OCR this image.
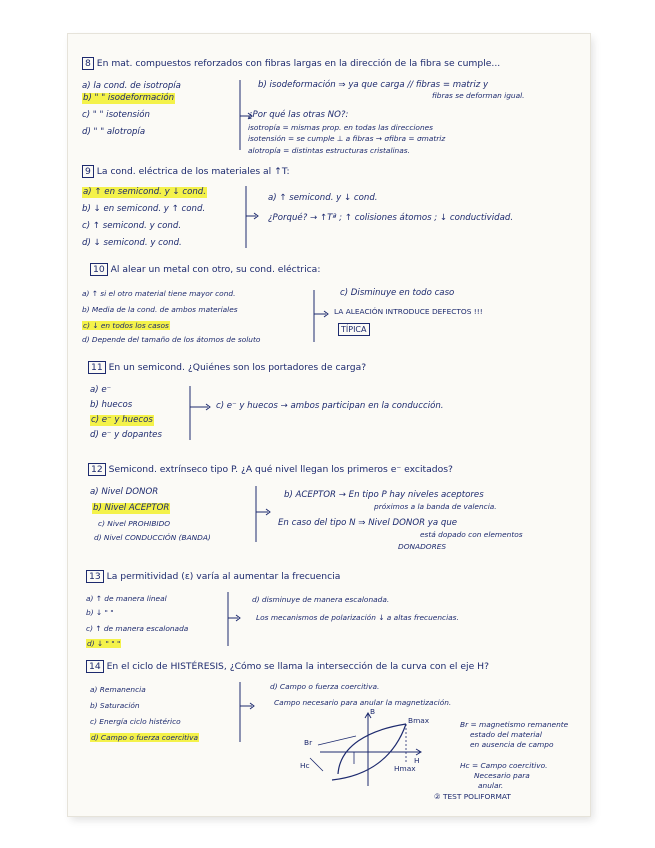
8 En mat. compuestos reforzados con fibras largas en la dirección de la fibra se cumple...
a) la cond. de isotropía
b) " " isodeformación
c) " " isotensión
d) " " alotropía
b) isodeformación ⇒ ya que carga // fibras = matriz y
fibras se deforman igual.
¿Por qué las otras NO?:
isotropía = mismas prop. en todas las direcciones
isotensión = se cumple ⊥ a fibras → σfibra = σmatriz
alotropía = distintas estructuras cristalinas.
9 La cond. eléctrica de los materiales al ↑T:
a) ↑ en semicond. y ↓ cond.
b) ↓ en semicond. y ↑ cond.
c) ↑ semicond. y cond.
d) ↓ semicond. y cond.
a) ↑ semicond. y ↓ cond.
¿Porqué? → ↑Tª ; ↑ colisiones átomos ; ↓ conductividad.
10 Al alear un metal con otro, su cond. eléctrica:
a) ↑ si el otro material tiene mayor cond.
b) Media de la cond. de ambos materiales
c) ↓ en todos los casos
d) Depende del tamaño de los átomos de soluto
c) Disminuye en todo caso
LA ALEACIÓN INTRODUCE DEFECTOS !!!
TÍPICA
11 En un semicond. ¿Quiénes son los portadores de carga?
a) e⁻
b) huecos
c) e⁻ y huecos
d) e⁻ y dopantes
c) e⁻ y huecos → ambos participan en la conducción.
12 Semicond. extrínseco tipo P. ¿A qué nivel llegan los primeros e⁻ excitados?
a) Nivel DONOR
b) Nivel ACEPTOR
c) Nivel PROHIBIDO
d) Nivel CONDUCCIÓN (BANDA)
b) ACEPTOR → En tipo P hay niveles aceptores
próximos a la banda de valencia.
En caso del tipo N ⇒ Nivel DONOR ya que
está dopado con elementos
DONADORES
13 La permitividad (ε) varía al aumentar la frecuencia
a) ↑ de manera lineal
b) ↓ " "
c) ↑ de manera escalonada
d) ↓ " " "
d) disminuye de manera escalonada.
Los mecanismos de polarización ↓ a altas frecuencias.
14 En el ciclo de HISTÉRESIS, ¿Cómo se llama la intersección de la curva con el eje H?
a) Remanencia
b) Saturación
c) Energía ciclo histérico
d) Campo o fuerza coercitiva
d) Campo o fuerza coercitiva.
Campo necesario para anular la magnetización.
B
Br
Bmax
H
Hc	Hmax
Br = magnetismo remanente
estado del material
en ausencia de campo
Hc = Campo coercitivo.
Necesario para
anular.
② TEST POLIFORMAT
